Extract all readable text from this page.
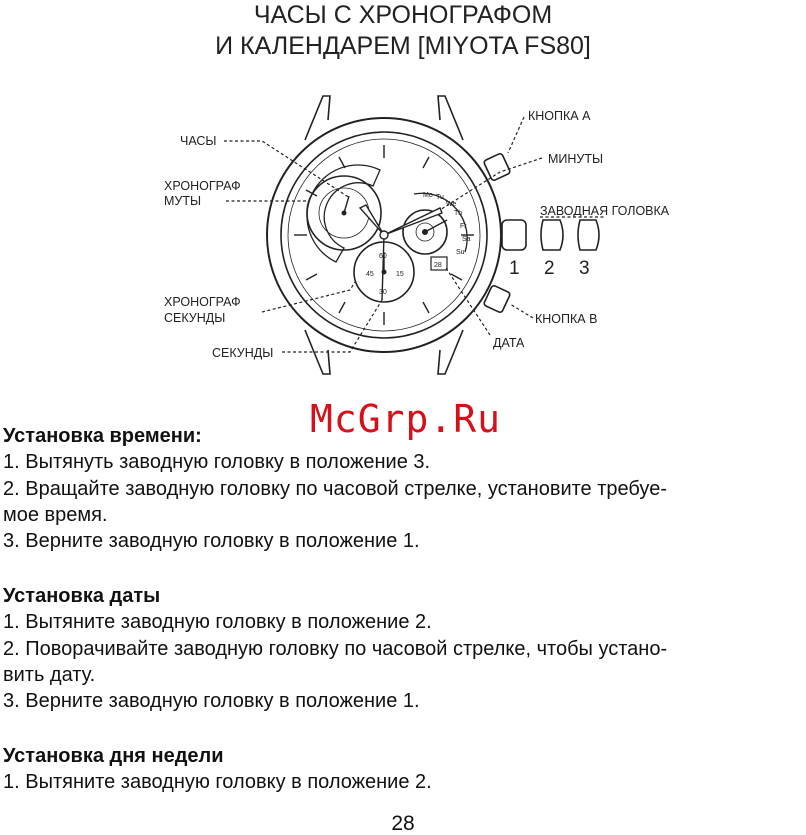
ЧАСЫ С ХРОНОГРАФОМ
И КАЛЕНДАРЕМ [MIYOTA FS80]
Mo Tu
We
Th
Fr
Sa
Su
28
60
15
30
45
ЧАСЫ
ХРОНОГРАФ
МУТЫ
ХРОНОГРАФ
СЕКУНДЫ
СЕКУНДЫ
КНОПКА А
МИНУТЫ
ЗАВОДНАЯ ГОЛОВКА
КНОПКА В
ДАТА
1 2 3
McGrp.Ru
Установка времени:
1. Вытянуть заводную головку в положение 3.
2. Вращайте заводную головку по часовой стрелке, установите требуе-
мое время.
3. Верните заводную головку в положение 1.
Установка даты
1. Вытяните заводную головку в положение 2.
2. Поворачивайте заводную головку по часовой стрелке, чтобы устано-
вить дату.
3. Верните заводную головку в положение 1.
Установка дня недели
1. Вытяните заводную головку в положение 2.
28
